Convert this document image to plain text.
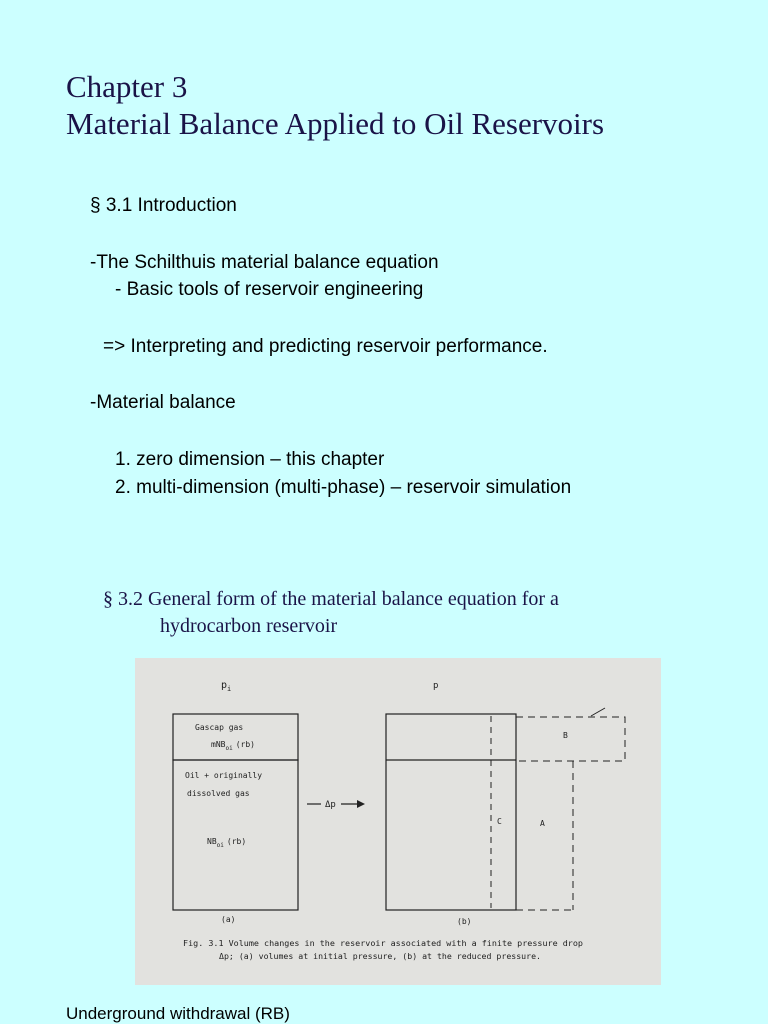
Chapter 3
Material Balance Applied to Oil Reservoirs
§ 3.1 Introduction
-The Schilthuis material balance equation
- Basic tools of reservoir engineering
=> Interpreting and predicting reservoir performance.
-Material balance
1. zero dimension – this chapter
2. multi-dimension (multi-phase) – reservoir simulation
§ 3.2 General form of the material balance equation for a
hydrocarbon reservoir
$p_i$
Gascap gas
mNB$_{oi}$ (rb)
Oil + originally
dissolved gas
$NB_{oi}$ (rb)
(a)
Δp
p
B
C	A
(b)
Fig. 3.1 Volume changes in the reservoir associated with a finite pressure drop
Δp; (a) volumes at initial pressure, (b) at the reduced pressure.
Underground withdrawal (RB)
